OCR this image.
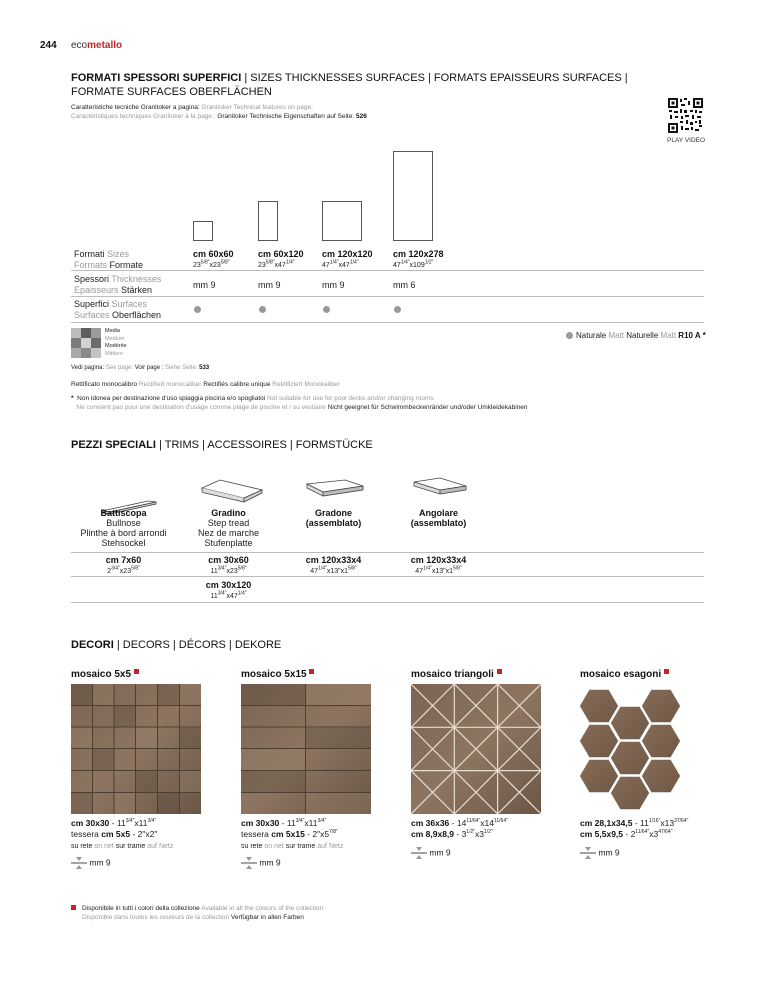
244 ecometallo
FORMATI SPESSORI SUPERFICI | SIZES THICKNESSES SURFACES | FORMATS EPAISSEURS SURFACES |
FORMATE SURFACES OBERFLÄCHEN
Caratteristiche tecniche Granitoker a pagina: Granitoker Technical features on page:
Caractéristiques techniques Granitoker à la page : Granitoker Technische Eigenschaften auf Seite: 526
PLAY VIDEO
Formati Sizes
Formats Formate
cm 60x60
$23^{5/8"}x23^{5/8"}$
mm 9
cm 60x120
$23^{5/8"}x47^{1/4"}$
mm 9
cm 120x120
$47^{1/4"}x47^{1/4"}$
mm 9
cm 120x278
$47^{1/4"}x109^{1/2"}$
mm 6
Spessori Thicknesses
Epaisseurs Stärken
Superfici Surfaces
Surfaces Oberflächen
Media
Medium
Modérée
Mittlere
Naturale Matt Naturelle Matt R10 A *
Vedi pagina: See page: Voir page : Siehe Seite: 533
Rettificato monocalibro Rectified monocaliber Rectifiés calibre unique Rektifiziert Monokaliber
* Non idonea per destinazione d'uso spiaggia piscina e/o spogliatoi Not suitable for use for pool decks and/or changing rooms
Ne convient pas pour une destination d'usage comme plage de piscine et / ou vestiaire Nicht geeignet für Schwimmbeckenränder und/oder Umkleidekabinen
PEZZI SPECIALI | TRIMS | ACCESSOIRES | FORMSTÜCKE
Battiscopa
Bullnose
Plinthe à bord arrondi
Stehsockel
cm 7x60
$2^{3/4"}x23^{5/8"}$
Gradino
Step tread
Nez de marche
Stufenplatte
cm 30x60
$11^{3/4"}x23^{5/8"}$
cm 30x120
$11^{3/4"}x47^{1/4"}$
Gradone
(assemblato)
cm 120x33x4
$47^{1/4"}x13"x1^{5/8"}$
Angolare
(assemblato)
cm 120x33x4
$47^{1/4"}x13"x1^{5/8"}$
DECORI | DECORS | DÉCORS | DEKORE
mosaico 5x5
cm $30x30 - 11^{3/4"}x11^{3/4"}$
tessera cm 5x5 - 2"x2"
su rete on net sur trame auf Netz
mm 9
mosaico 5x15
cm $30x30 - 11^{3/4"}x11^{3/4"}$
tessera cm $5x15 - 2"x5^{7/8"}$
su rete on net sur trame auf Netz
mm 9
mosaico triangoli
cm $36x36 - 14^{11/64"}x14^{11/64"}$
cm $8,9x8,9 - 3^{1/2"}x3^{1/2"}$
mm 9
mosaico esagoni
cm $28,1x34,5 - 11^{1/16"}x13^{37/64"}$
cm $5,5x9,5 - 2^{11/64"}x3^{47/64"}$
mm 9
Disponibile in tutti i colori della collezione Available in all the colours of the collection
Disponible dans toutes les couleurs de la collection Verfügbar in allen Farben
